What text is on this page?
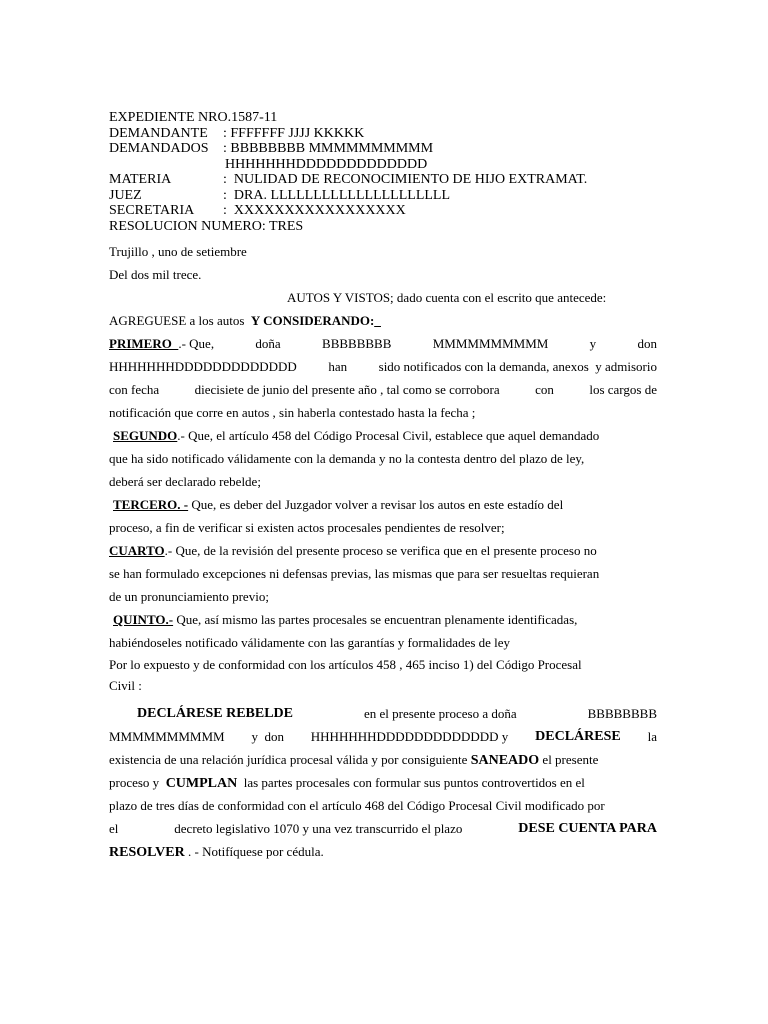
EXPEDIENTE NRO.1587-11
DEMANDANTE	: FFFFFFF JJJJ KKKKK
DEMANDADOS	: BBBBBBBB MMMMMMMMMM
HHHHHHHDDDDDDDDDDDDD
MATERIA	:  NULIDAD DE RECONOCIMIENTO DE HIJO EXTRAMAT.
JUEZ	:  DRA. LLLLLLLLLLLLLLLLLLLLL
SECRETARIA	:  XXXXXXXXXXXXXXXXX
RESOLUCION NUMERO: TRES
Trujillo , uno de setiembre
Del dos mil trece.
AUTOS Y VISTOS; dado cuenta con el escrito que antecede:
AGREGUESE a los autos Y CONSIDERANDO:_
PRIMERO  .- Que,	doña	BBBBBBBB	MMMMMMMMMM	y	don
HHHHHHHDDDDDDDDDDDDD han sido notificados con la demanda, anexos  y admisorio
con fecha	diecisiete de junio del presente año , tal como se corrobora	con	los cargos de
notificación que corre en autos , sin haberla contestado hasta la fecha ;
SEGUNDO.- Que, el artículo 458 del Código Procesal Civil, establece que aquel demandado
que ha sido notificado válidamente con la demanda y no la contesta dentro del plazo de ley,
deberá ser declarado rebelde;
TERCERO. - Que, es deber del Juzgador volver a revisar los autos en este estadío del
proceso, a fin de verificar si existen actos procesales pendientes de resolver;
CUARTO.- Que, de la revisión del presente proceso se verifica que en el presente proceso no
se han formulado excepciones ni defensas previas, las mismas que para ser resueltas requieran
de un pronunciamiento previo;
QUINTO.- Que, así mismo las partes procesales se encuentran plenamente identificadas,
habiéndoseles notificado válidamente con las garantías y formalidades de ley
Por lo expuesto y de conformidad con los artículos 458 , 465 inciso 1) del Código Procesal
Civil :
DECLÁRESE REBELDE	en el presente proceso a doña	BBBBBBBB
MMMMMMMMMM y  don HHHHHHHDDDDDDDDDDDDD y DECLÁRESE la
existencia de una relación jurídica procesal válida y por consiguiente SANEADO el presente
proceso y CUMPLAN las partes procesales con formular sus puntos controvertidos en el
plazo de tres días de conformidad con el artículo 468 del Código Procesal Civil modificado por
el	decreto legislativo 1070 y una vez transcurrido el plazo	DESE CUENTA PARA
RESOLVER . - Notifíquese por cédula.
